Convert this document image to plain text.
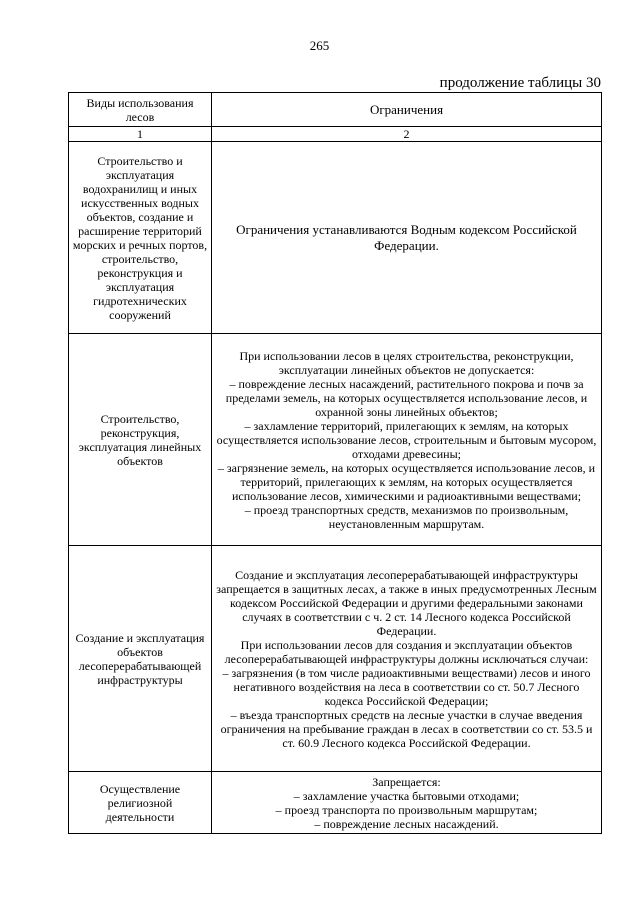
265
продолжение таблицы 30
Виды использования лесов	Ограничения
1	2
Строительство и эксплуатация водохранилищ и иных искусственных водных объектов, создание и расширение территорий морских и речных портов, строительство, реконструкция и эксплуатация гидротехнических сооружений	Ограничения устанавливаются Водным кодексом Российской Федерации.

Строительство, реконструкция, эксплуатация линейных объектов	При использовании лесов в целях строительства, реконструкции, эксплуатации линейных объектов не допускается:
– повреждение лесных насаждений, растительного покрова и почв за пределами земель, на которых осуществляется использование лесов, и охранной зоны линейных объектов;
– захламление территорий, прилегающих к землям, на которых осуществляется использование лесов, строительным и бытовым мусором, отходами древесины;
– загрязнение земель, на которых осуществляется использование лесов, и территорий, прилегающих к землям, на которых осуществляется использование лесов, химическими и радиоактивными веществами;
– проезд транспортных средств, механизмов по произвольным, неустановленным маршрутам.

Создание и эксплуатация объектов лесоперерабатывающей инфраструктуры	Создание и эксплуатация лесоперерабатывающей инфраструктуры запрещается в защитных лесах, а также в иных предусмотренных Лесным кодексом Российской Федерации и другими федеральными законами случаях в соответствии с ч. 2 ст. 14 Лесного кодекса Российской Федерации.
При использовании лесов для создания и эксплуатации объектов лесоперерабатывающей инфраструктуры должны исключаться случаи:
– загрязнения (в том числе радиоактивными веществами) лесов и иного негативного воздействия на леса в соответствии со ст. 50.7 Лесного кодекса Российской Федерации;
– въезда транспортных средств на лесные участки в случае введения ограничения на пребывание граждан в лесах в соответствии со ст. 53.5 и ст. 60.9 Лесного кодекса Российской Федерации.

Осуществление религиозной деятельности	Запрещается:
– захламление участка бытовыми отходами;
– проезд транспорта по произвольным маршрутам;
– повреждение лесных насаждений.
